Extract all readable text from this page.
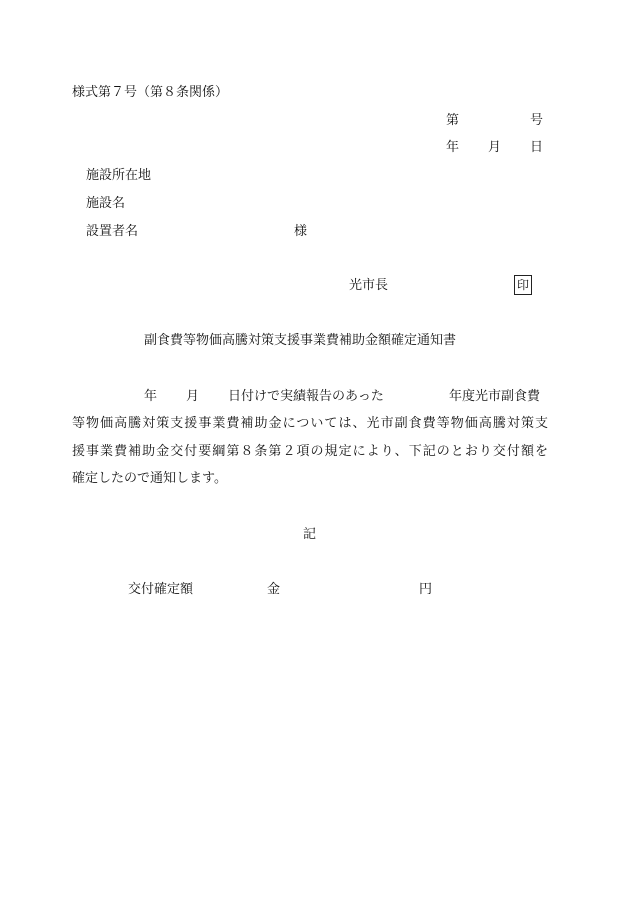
様式第７号（第８条関係）
第	号
年 月 日
施設所在地
施設名
設置者名	様
光市長	印
副食費等物価高騰対策支援事業費補助金額確定通知書
年 月 日付けで実績報告のあった	年度光市副食費
等物価高騰対策支援事業費補助金については、光市副食費等物価高騰対策支
援事業費補助金交付要綱第８条第２項の規定により、下記のとおり交付額を
確定したので通知します。
記
交付確定額	金	円
